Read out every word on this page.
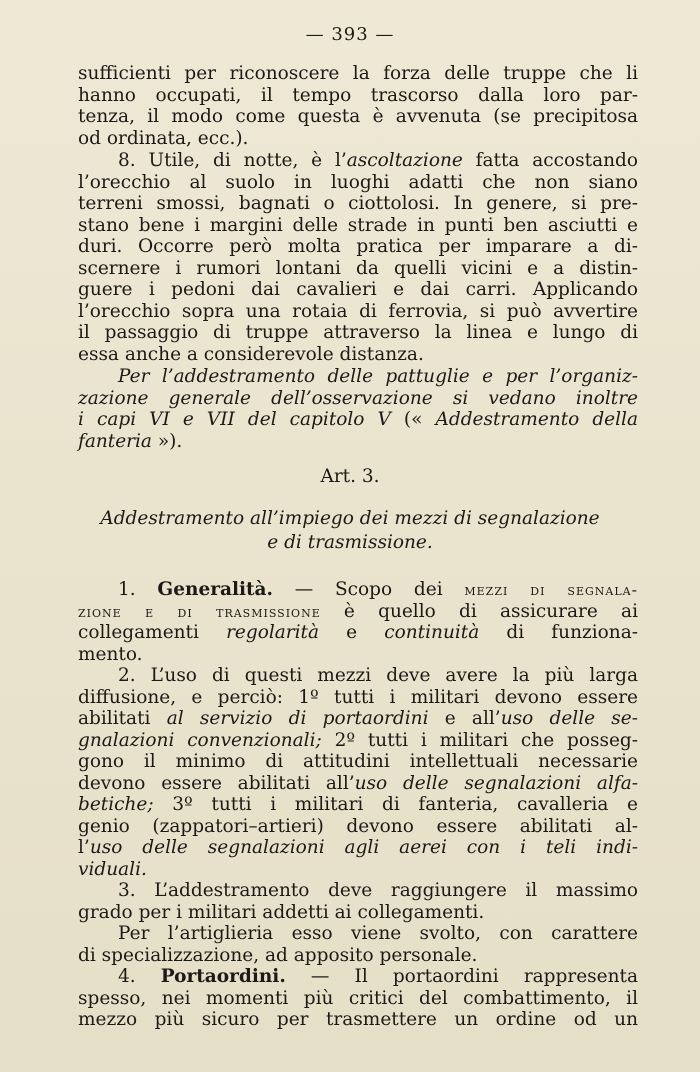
— 393 —
sufficienti per riconoscere la forza delle truppe che li
hanno occupati, il tempo trascorso dalla loro par-
tenza, il modo come questa è avvenuta (se precipitosa
od ordinata, ecc.).
8. Utile, di notte, è l’ascoltazione fatta accostando
l’orecchio al suolo in luoghi adatti che non siano
terreni smossi, bagnati o ciottolosi. In genere, si pre-
stano bene i margini delle strade in punti ben asciutti e
duri. Occorre però molta pratica per imparare a di-
scernere i rumori lontani da quelli vicini e a distin-
guere i pedoni dai cavalieri e dai carri. Applicando
l’orecchio sopra una rotaia di ferrovia, si può avvertire
il passaggio di truppe attraverso la linea e lungo di
essa anche a considerevole distanza.
Per l’addestramento delle pattuglie e per l’organiz-
zazione generale dell’osservazione si vedano inoltre
i capi VI e VII del capitolo V (« Addestramento della
fanteria »).
Art. 3.
Addestramento all’impiego dei mezzi di segnalazione
e di trasmissione.
1. Generalità. — Scopo dei mezzi di segnala-
zione e di trasmissione è quello di assicurare ai
collegamenti regolarità e continuità di funziona-
mento.
2. L’uso di questi mezzi deve avere la più larga
diffusione, e perciò: 1º tutti i militari devono essere
abilitati al servizio di portaordini e all’uso delle se-
gnalazioni convenzionali; 2º tutti i militari che posseg-
gono il minimo di attitudini intellettuali necessarie
devono essere abilitati all’uso delle segnalazioni alfa-
betiche; 3º tutti i militari di fanteria, cavalleria e
genio (zappatori–artieri) devono essere abilitati al-
l’uso delle segnalazioni agli aerei con i teli indi-
viduali.
3. L’addestramento deve raggiungere il massimo
grado per i militari addetti ai collegamenti.
Per l’artiglieria esso viene svolto, con carattere
di specializzazione, ad apposito personale.
4. Portaordini. — Il portaordini rappresenta
spesso, nei momenti più critici del combattimento, il
mezzo più sicuro per trasmettere un ordine od un
